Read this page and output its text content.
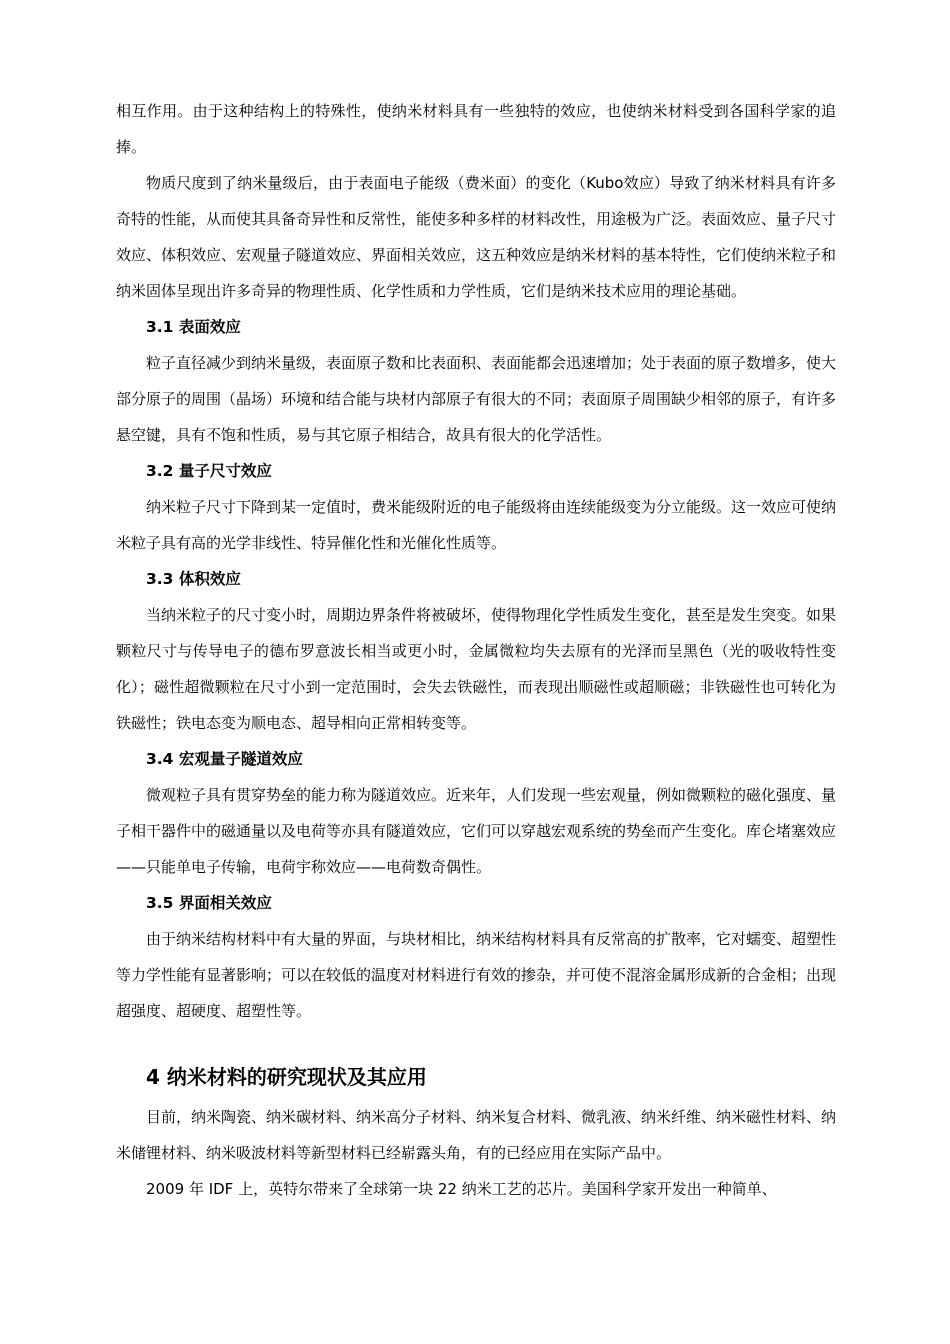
相互作用。由于这种结构上的特殊性，使纳米材料具有一些独特的效应，也使纳米材料受到各国科学家的追捧。

物质尺度到了纳米量级后，由于表面电子能级（费米面）的变化（Kubo效应）导致了纳米材料具有许多奇特的性能，从而使其具备奇异性和反常性，能使多种多样的材料改性，用途极为广泛。表面效应、量子尺寸效应、体积效应、宏观量子隧道效应、界面相关效应，这五种效应是纳米材料的基本特性，它们使纳米粒子和纳米固体呈现出许多奇异的物理性质、化学性质和力学性质，它们是纳米技术应用的理论基础。

3.1 表面效应

粒子直径减少到纳米量级，表面原子数和比表面积、表面能都会迅速增加；处于表面的原子数增多，使大部分原子的周围（晶场）环境和结合能与块材内部原子有很大的不同；表面原子周围缺少相邻的原子，有许多悬空键，具有不饱和性质，易与其它原子相结合，故具有很大的化学活性。

3.2 量子尺寸效应

纳米粒子尺寸下降到某一定值时，费米能级附近的电子能级将由连续能级变为分立能级。这一效应可使纳米粒子具有高的光学非线性、特异催化性和光催化性质等。

3.3 体积效应

当纳米粒子的尺寸变小时，周期边界条件将被破坏，使得物理化学性质发生变化，甚至是发生突变。如果颗粒尺寸与传导电子的德布罗意波长相当或更小时，金属微粒均失去原有的光泽而呈黑色（光的吸收特性变化）；磁性超微颗粒在尺寸小到一定范围时，会失去铁磁性，而表现出顺磁性或超顺磁；非铁磁性也可转化为铁磁性；铁电态变为顺电态、超导相向正常相转变等。

3.4 宏观量子隧道效应

微观粒子具有贯穿势垒的能力称为隧道效应。近来年，人们发现一些宏观量，例如微颗粒的磁化强度、量子相干器件中的磁通量以及电荷等亦具有隧道效应，它们可以穿越宏观系统的势垒而产生变化。库仑堵塞效应——只能单电子传输，电荷宇称效应——电荷数奇偶性。

3.5 界面相关效应

由于纳米结构材料中有大量的界面，与块材相比，纳米结构材料具有反常高的扩散率，它对蠕变、超塑性等力学性能有显著影响；可以在较低的温度对材料进行有效的掺杂，并可使不混溶金属形成新的合金相；出现超强度、超硬度、超塑性等。

4 纳米材料的研究现状及其应用

目前，纳米陶瓷、纳米碳材料、纳米高分子材料、纳米复合材料、微乳液、纳米纤维、纳米磁性材料、纳米储锂材料、纳米吸波材料等新型材料已经崭露头角，有的已经应用在实际产品中。

2009 年 IDF 上，英特尔带来了全球第一块 22 纳米工艺的芯片。美国科学家开发出一种简单、
